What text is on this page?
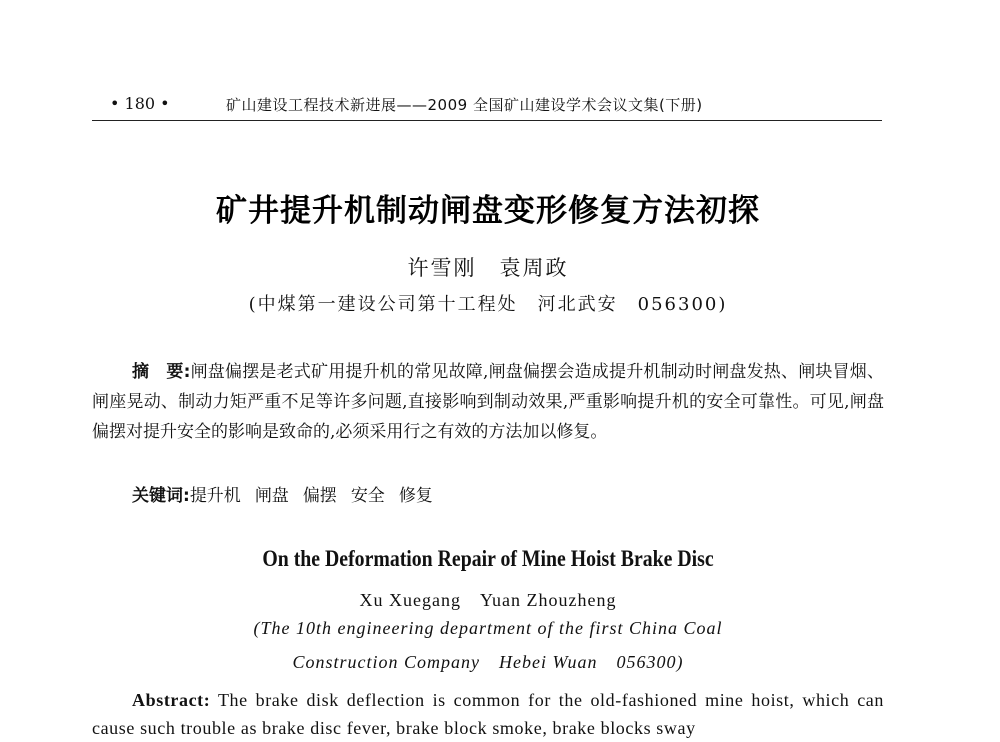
• 180 •	矿山建设工程技术新进展——2009 全国矿山建设学术会议文集(下册)
矿井提升机制动闸盘变形修复方法初探
许雪刚　袁周政
(中煤第一建设公司第十工程处　河北武安　056300)
摘　要:闸盘偏摆是老式矿用提升机的常见故障,闸盘偏摆会造成提升机制动时闸盘发热、闸块冒烟、闸座晃动、制动力矩严重不足等许多问题,直接影响到制动效果,严重影响提升机的安全可靠性。可见,闸盘偏摆对提升安全的影响是致命的,必须采用行之有效的方法加以修复。
关键词:提升机 闸盘 偏摆 安全 修复
On the Deformation Repair of Mine Hoist Brake Disc
Xu Xuegang　Yuan Zhouzheng
(The 10th engineering department of the first China Coal
Construction Company　Hebei Wuan　056300)
Abstract: The brake disk deflection is common for the old-fashioned mine hoist, which can cause such trouble as brake disc fever, brake block smoke, brake blocks sway
